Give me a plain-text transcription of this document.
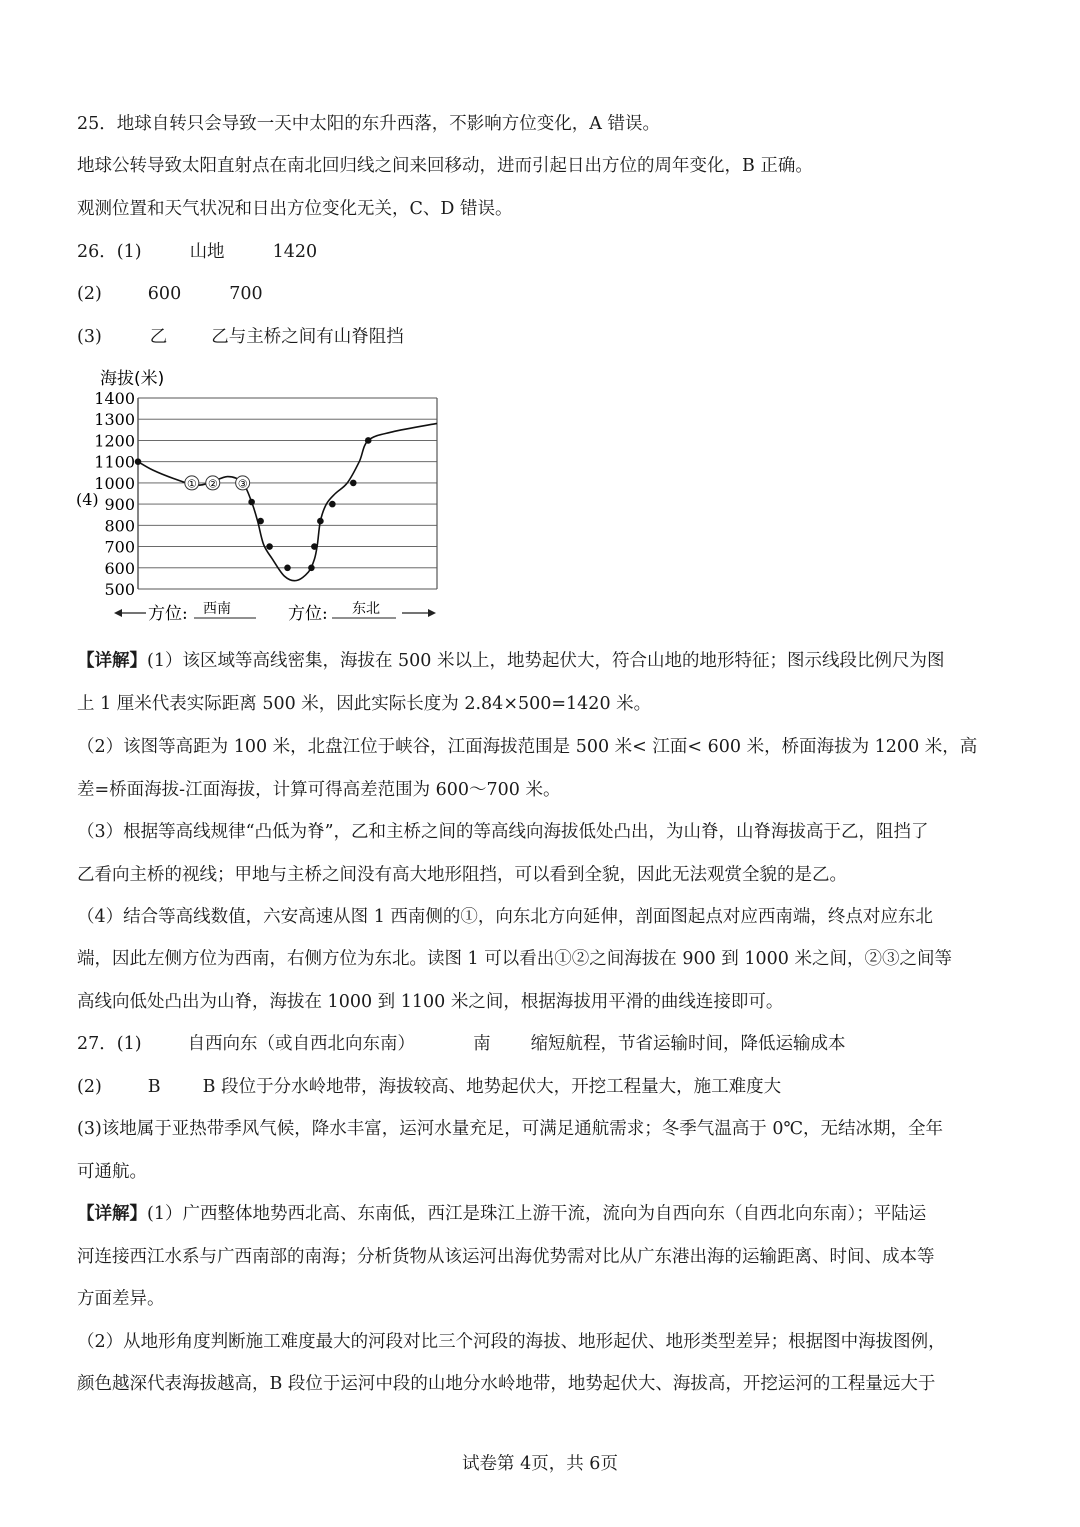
25．地球自转只会导致一天中太阳的东升西落，不影响方位变化，A 错误。
地球公转导致太阳直射点在南北回归线之间来回移动，进而引起日出方位的周年变化，B 正确。
观测位置和天气状况和日出方位变化无关，C、D 错误。
26．(1)	山地	1420
(2)	600	700
(3)	乙	乙与主桥之间有山脊阻挡
海拔(米)
(4)
1400
1300
1200
1100
1000
900
800
700
600
500
① ② ③
方位: 西南	方位: 东北
【详解】(1）该区域等高线密集，海拔在 500 米以上，地势起伏大，符合山地的地形特征；图示线段比例尺为图
上 1 厘米代表实际距离 500 米，因此实际长度为 2.84×500=1420 米。
（2）该图等高距为 100 米，北盘江位于峡谷，江面海拔范围是 500 米< 江面< 600 米，桥面海拔为 1200 米，高
差=桥面海拔-江面海拔，计算可得高差范围为 600～700 米。
（3）根据等高线规律“凸低为脊”，乙和主桥之间的等高线向海拔低处凸出，为山脊，山脊海拔高于乙，阻挡了
乙看向主桥的视线；甲地与主桥之间没有高大地形阻挡，可以看到全貌，因此无法观赏全貌的是乙。
（4）结合等高线数值，六安高速从图 1 西南侧的①，向东北方向延伸，剖面图起点对应西南端，终点对应东北
端，因此左侧方位为西南，右侧方位为东北。读图 1 可以看出①②之间海拔在 900 到 1000 米之间，②③之间等
高线向低处凸出为山脊，海拔在 1000 到 1100 米之间，根据海拔用平滑的曲线连接即可。
27．(1)	自西向东（或自西北向东南）	南 缩短航程，节省运输时间，降低运输成本
(2)	B B 段位于分水岭地带，海拔较高、地势起伏大，开挖工程量大，施工难度大
(3)该地属于亚热带季风气候，降水丰富，运河水量充足，可满足通航需求；冬季气温高于 0℃，无结冰期，全年
可通航。
【详解】(1）广西整体地势西北高、东南低，西江是珠江上游干流，流向为自西向东（自西北向东南）；平陆运
河连接西江水系与广西南部的南海；分析货物从该运河出海优势需对比从广东港出海的运输距离、时间、成本等
方面差异。
（2）从地形角度判断施工难度最大的河段对比三个河段的海拔、地形起伏、地形类型差异；根据图中海拔图例，
颜色越深代表海拔越高，B 段位于运河中段的山地分水岭地带，地势起伏大、海拔高，开挖运河的工程量远大于
试卷第 4页，共 6页
